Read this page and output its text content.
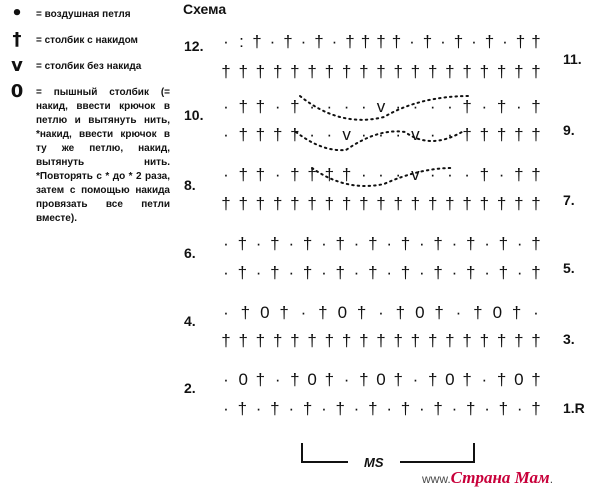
•	= воздушная петля
†	= столбик с накидом
v	= столбик без накида
0	= пышный столбик (= накид, ввести крючок в петлю и вытянуть нить, *накид, ввести крючок в ту же петлю, накид, вытянуть нить. *Повторять с * до * 2 раза, затем с помощью накида провязать все петли вместе).
Схема
12.
10.
8.
6.
4.
2.
11.
9.
7.
5.
3.
1.R
· : † · † · † · † † † † · † · † · † · † †
† † † † † † † † † † † † † † † † † † †
· † † · † · · · · v · · · · † · † · †
· † † † † · · v · · · v · · † † † † †
· † † · † † † † · · · v · · · † · † †
† † † † † † † † † † † † † † † † † † †
· † · † · † · † · † · † · † · † · † · †
· † · † · † · † · † · † · † · † · † · †
· † 0 † · † 0 † · † 0 † · † 0 † ·
† † † † † † † † † † † † † † † † † † †
· 0 † · † 0 † · † 0 † · † 0 † · † 0 †
· † · † · † · † · † · † · † · † · † · †
MS
www.Страна Мам.
